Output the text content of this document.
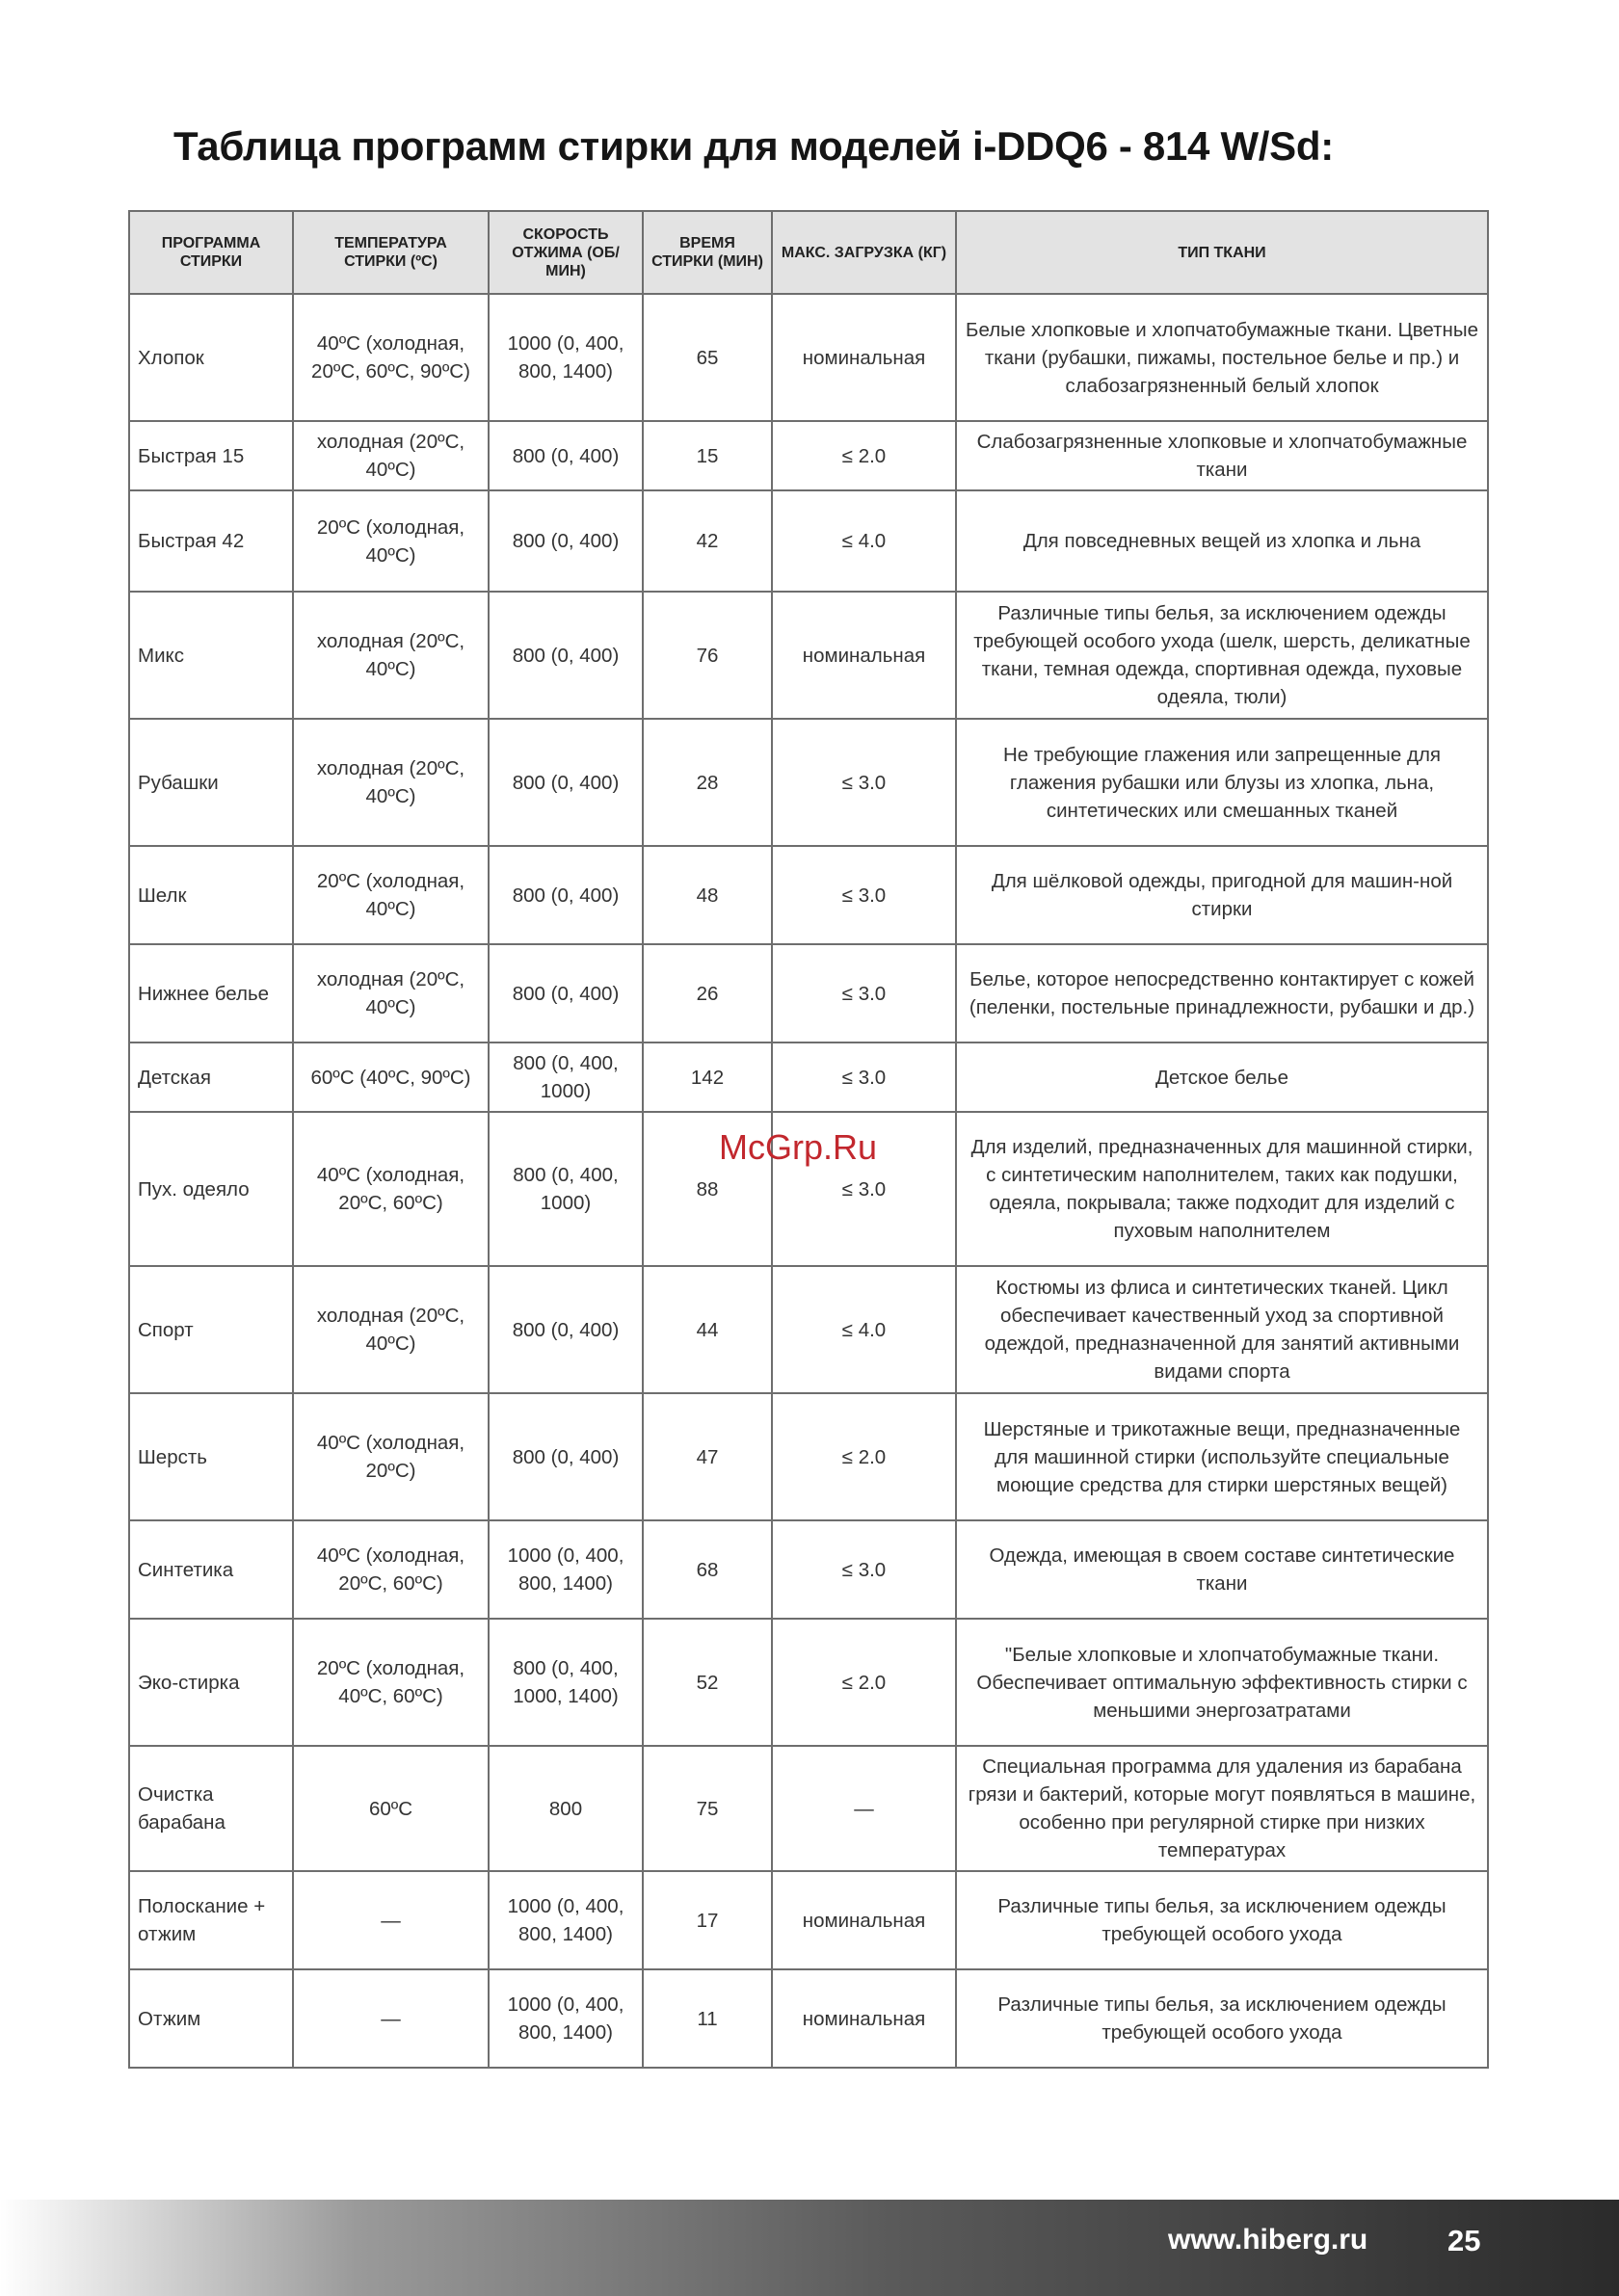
Таблица программ стирки для моделей i-DDQ6 - 814 W/Sd:
ПРОГРАММА СТИРКИ	ТЕМПЕРАТУРА СТИРКИ (ºС)	СКОРОСТЬ ОТЖИМА (ОБ/МИН)	ВРЕМЯ СТИРКИ (МИН)	МАКС. ЗАГРУЗКА (КГ)	ТИП ТКАНИ
Хлопок	40ºС (холодная, 20ºС, 60ºС, 90ºС)	1000 (0, 400, 800, 1400)	65	номинальная	Белые хлопковые и хлопчатобумажные ткани. Цветные ткани (рубашки, пижамы, постельное белье и пр.) и слабозагрязненный белый хлопок
Быстрая 15	холодная (20ºС, 40ºС)	800 (0, 400)	15	≤ 2.0	Слабозагрязненные хлопковые и хлопчатобумажные ткани
Быстрая 42	20ºС (холодная, 40ºС)	800 (0, 400)	42	≤ 4.0	Для повседневных вещей из хлопка и льна
Микс	холодная (20ºС, 40ºС)	800 (0, 400)	76	номинальная	Различные типы белья, за исключением одежды требующей особого ухода (шелк, шерсть, деликатные ткани, темная одежда, спортивная одежда, пуховые одеяла, тюли)
Рубашки	холодная (20ºС, 40ºС)	800 (0, 400)	28	≤ 3.0	Не требующие глажения или запрещенные для глажения рубашки или блузы из хлопка, льна, синтетических или смешанных тканей
Шелк	20ºС (холодная, 40ºС)	800 (0, 400)	48	≤ 3.0	Для шёлковой одежды, пригодной для машин-ной стирки
Нижнее белье	холодная (20ºС, 40ºС)	800 (0, 400)	26	≤ 3.0	Белье, которое непосредственно контактирует с кожей (пеленки, постельные принадлежности, рубашки и др.)
Детская	60ºС (40ºС, 90ºС)	800 (0, 400, 1000)	142	≤ 3.0	Детское белье
Пух. одеяло	40ºС (холодная, 20ºС, 60ºС)	800 (0, 400, 1000)	88	≤ 3.0	Для изделий, предназначенных для машинной стирки, с синтетическим наполнителем, таких как подушки, одеяла, покрывала; также подходит для изделий с пуховым наполнителем
Спорт	холодная (20ºС, 40ºС)	800 (0, 400)	44	≤ 4.0	Костюмы из флиса и синтетических тканей. Цикл обеспечивает качественный уход за спортивной одеждой, предназначенной для занятий активными видами спорта
Шерсть	40ºС (холодная, 20ºС)	800 (0, 400)	47	≤ 2.0	Шерстяные и трикотажные вещи, предназначенные для машинной стирки (используйте специальные моющие средства для стирки шерстяных вещей)
Синтетика	40ºС (холодная, 20ºС, 60ºС)	1000 (0, 400, 800, 1400)	68	≤ 3.0	Одежда, имеющая в своем составе синтетические ткани
Эко-стирка	20ºС (холодная, 40ºС, 60ºС)	800 (0, 400, 1000, 1400)	52	≤ 2.0	"Белые хлопковые и хлопчатобумажные ткани. Обеспечивает оптимальную эффективность стирки с меньшими энергозатратами
Очистка барабана	60ºС	800	75	—	Специальная программа для удаления из барабана грязи и бактерий, которые могут появляться в машине, особенно при регулярной стирке при низких температурах
Полоскание + отжим	—	1000 (0, 400, 800, 1400)	17	номинальная	Различные типы белья, за исключением одежды требующей особого ухода
Отжим	—	1000 (0, 400, 800, 1400)	11	номинальная	Различные типы белья, за исключением одежды требующей особого ухода
McGrp.Ru
www.hiberg.ru	25
